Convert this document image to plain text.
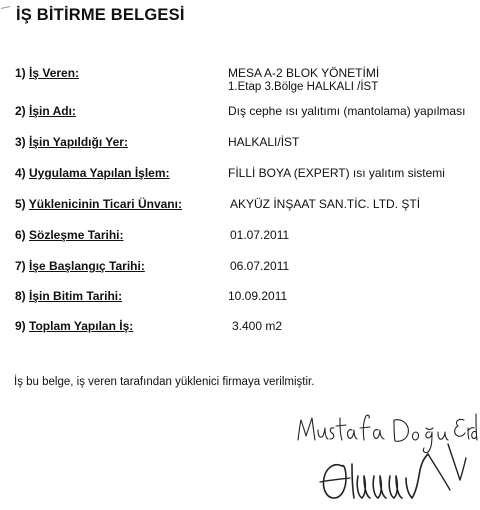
İŞ BİTİRME BELGESİ
1) İş Veren:	MESA A-2 BLOK YÖNETİMİ
1.Etap 3.Bölge HALKALI /İST
2) İşin Adı:	Dış cephe ısı yalıtımı (mantolama) yapılması
3) İşin Yapıldığı Yer:	HALKALI/İST
4) Uygulama Yapılan İşlem:	FİLLİ BOYA (EXPERT) ısı yalıtım sistemi
5) Yüklenicinin Ticari Ünvanı:	AKYÜZ İNŞAAT SAN.TİC. LTD. ŞTİ
6) Sözleşme Tarihi:	01.07.2011
7) İşe Başlangıç Tarihi:	06.07.2011
8) İşin Bitim Tarihi:	10.09.2011
9) Toplam Yapılan İş:	3.400 m2
İş bu belge, iş veren tarafından yüklenici firmaya verilmiştir.
